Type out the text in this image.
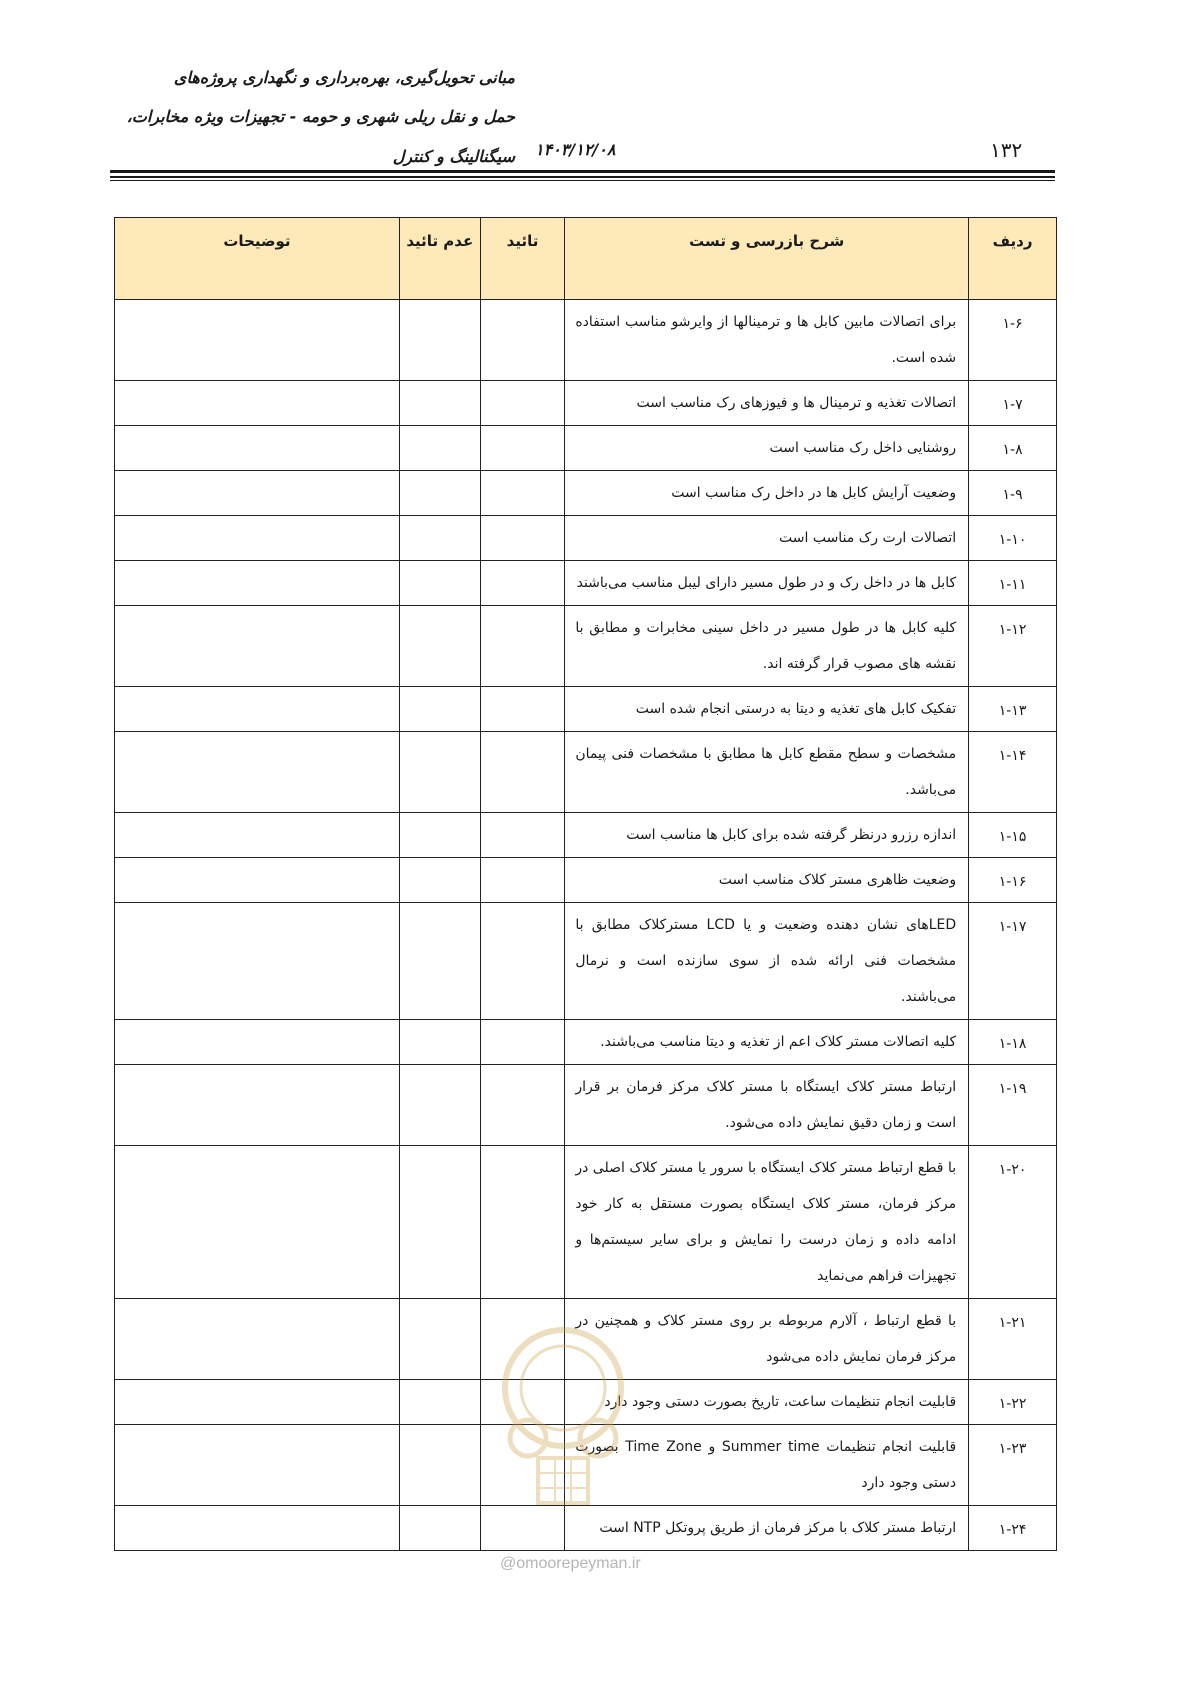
مبانی تحویل‌گیری، بهره‌برداری و نگهداری پروژه‌های
حمل و نقل ریلی شهری و حومه - تجهیزات ویژه مخابرات،
سیگنالینگ و کنترل ۱۴۰۳/۱۲/۰۸	۱۳۲
ردیف	شرح بازرسی و تست	تائید	عدم تائید	توضیحات
۱-۶	برای اتصالات مابین کابل ها و ترمینالها از وایرشو مناسب استفاده شده است.			
۱-۷	اتصالات تغذیه و ترمینال ها و فیوزهای رک مناسب است			
۱-۸	روشنایی داخل رک مناسب است			
۱-۹	وضعیت آرایش کابل ها در داخل رک مناسب است			
۱-۱۰	اتصالات ارت رک مناسب است			
۱-۱۱	کابل ها در داخل رک و در طول مسیر دارای لیبل مناسب می‌باشند			
۱-۱۲	کلیه کابل ها در طول مسیر در داخل سینی مخابرات و مطابق با نقشه های مصوب قرار گرفته اند.			
۱-۱۳	تفکیک کابل های تغذیه و دیتا به درستی انجام شده است			
۱-۱۴	مشخصات و سطح مقطع کابل ها مطابق با مشخصات فنی پیمان می‌باشد.			
۱-۱۵	اندازه رزرو درنظر گرفته شده برای کابل ها مناسب است			
۱-۱۶	وضعیت ظاهری مستر کلاک مناسب است			
۱-۱۷	LEDهای نشان دهنده وضعیت و یا LCD مسترکلاک مطابق با مشخصات فنی ارائه شده از سوی سازنده است و نرمال می‌باشند.			
۱-۱۸	کلیه اتصالات مستر کلاک اعم از تغذیه و دیتا مناسب می‌باشند.			
۱-۱۹	ارتباط مستر کلاک ایستگاه با مستر کلاک مرکز فرمان بر قرار است و زمان دقیق نمایش داده می‌شود.			
۱-۲۰	با قطع ارتباط مستر کلاک ایستگاه با سرور یا مستر کلاک اصلی در مرکز فرمان، مستر کلاک ایستگاه بصورت مستقل به کار خود ادامه داده و زمان درست را نمایش و برای سایر سیستم‌ها و تجهیزات فراهم می‌نماید			
۱-۲۱	با قطع ارتباط ، آلارم مربوطه بر روی مستر کلاک و همچنین در مرکز فرمان نمایش داده می‌شود			
۱-۲۲	قابلیت انجام تنظیمات ساعت، تاریخ بصورت دستی وجود دارد			
۱-۲۳	قابلیت انجام تنظیمات Summer time و Time Zone بصورت دستی وجود دارد			
۱-۲۴	ارتباط مستر کلاک با مرکز فرمان از طریق پروتکل NTP است			
@omoorepeyman.ir
